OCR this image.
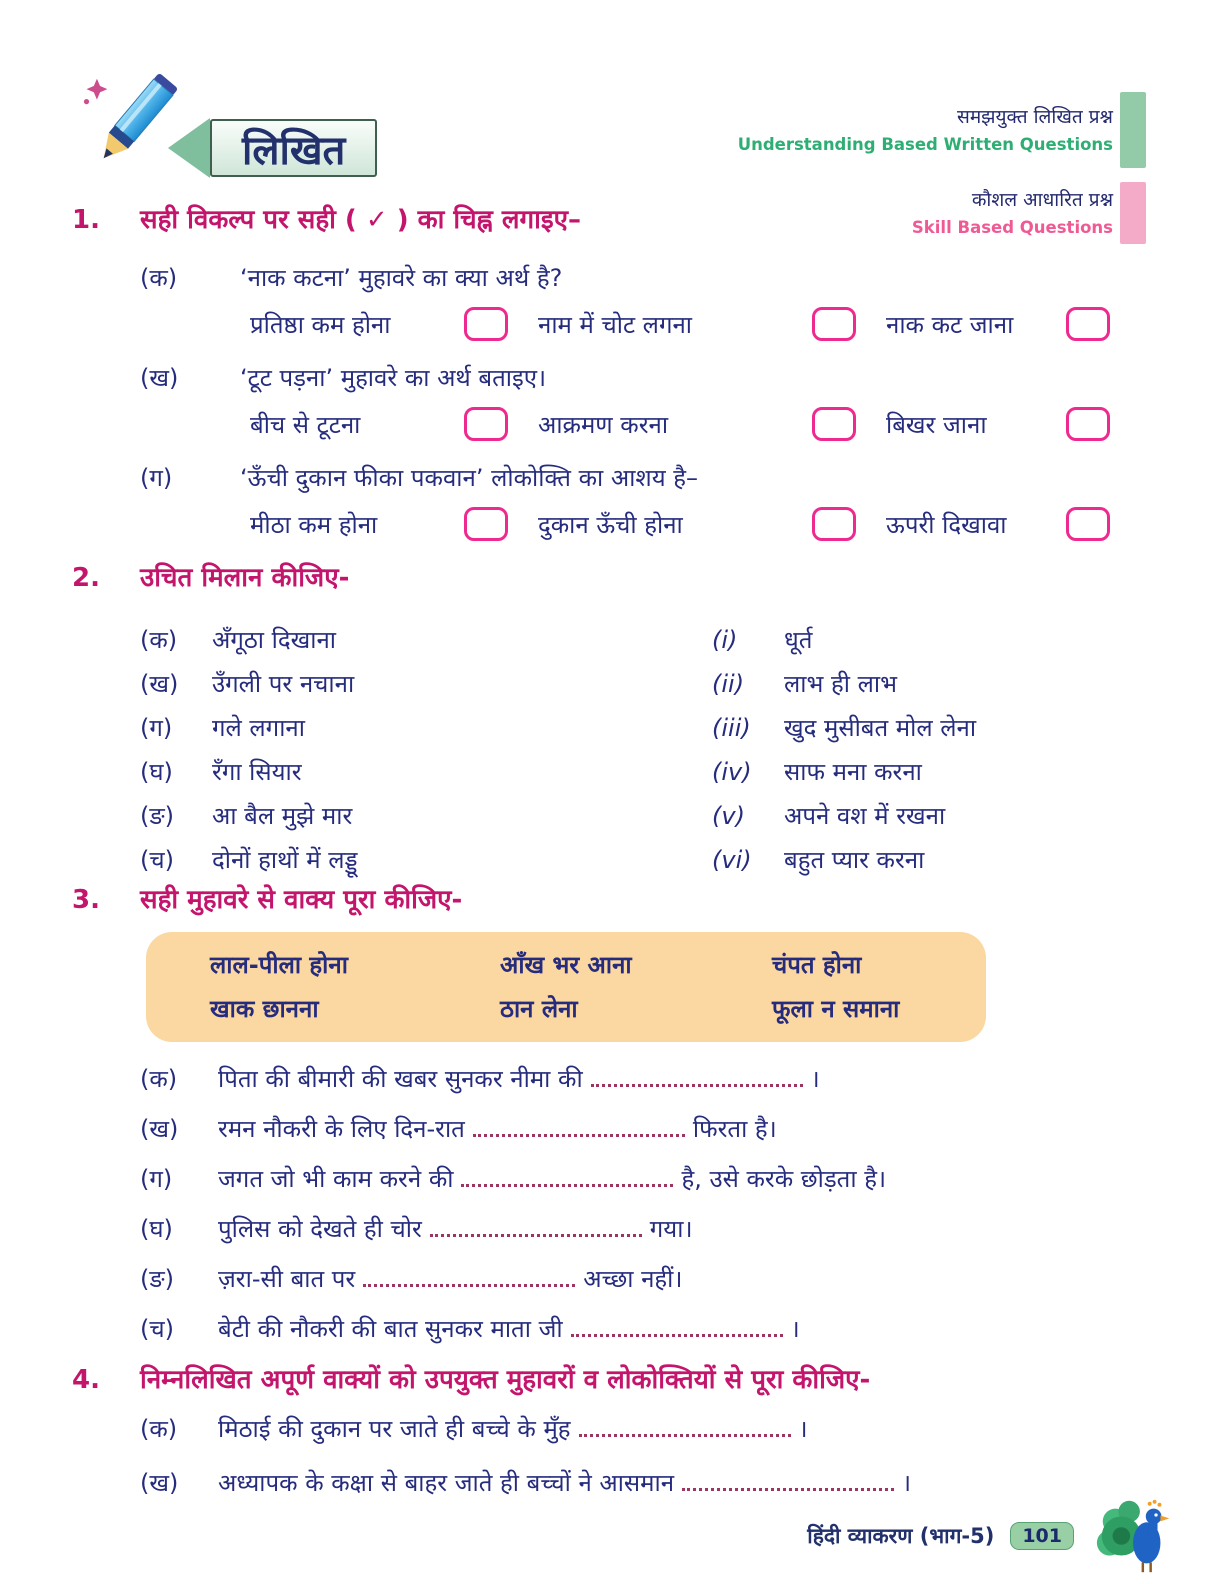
लिखित
समझयुक्त लिखित प्रश्न
Understanding Based Written Questions
कौशल आधारित प्रश्न
Skill Based Questions
1.	सही विकल्प पर सही ( ✓ ) का चिह्न लगाइए–
(क)	‘नाक कटना’ मुहावरे का क्या अर्थ है?
प्रतिष्ठा कम होना	नाम में चोट लगना	नाक कट जाना
(ख)	‘टूट पड़ना’ मुहावरे का अर्थ बताइए।
बीच से टूटना	आक्रमण करना	बिखर जाना
(ग)	‘ऊँची दुकान फीका पकवान’ लोकोक्ति का आशय है–
मीठा कम होना	दुकान ऊँची होना	ऊपरी दिखावा
2.	उचित मिलान कीजिए-
(क)	अँगूठा दिखाना	(i)	धूर्त
(ख)	उँगली पर नचाना	(ii)	लाभ ही लाभ
(ग)	गले लगाना	(iii)	खुद मुसीबत मोल लेना
(घ)	रँगा सियार	(iv)	साफ मना करना
(ङ)	आ बैल मुझे मार	(v)	अपने वश में रखना
(च)	दोनों हाथों में लड्डू	(vi)	बहुत प्यार करना
3.	सही मुहावरे से वाक्य पूरा कीजिए-
लाल-पीला होना	आँख भर आना	चंपत होना
खाक छानना	ठान लेना	फूला न समाना
(क)	पिता की बीमारी की खबर सुनकर नीमा की	।
(ख)	रमन नौकरी के लिए दिन-रात	फिरता है।
(ग)	जगत जो भी काम करने की	है, उसे करके छोड़ता है।
(घ)	पुलिस को देखते ही चोर	गया।
(ङ)	ज़रा-सी बात पर	अच्छा नहीं।
(च)	बेटी की नौकरी की बात सुनकर माता जी	।
4.	निम्नलिखित अपूर्ण वाक्यों को उपयुक्त मुहावरों व लोकोक्तियों से पूरा कीजिए-
(क)	मिठाई की दुकान पर जाते ही बच्चे के मुँह	।
(ख)	अध्यापक के कक्षा से बाहर जाते ही बच्चों ने आसमान	।
हिंदी व्याकरण (भाग-5)	101
